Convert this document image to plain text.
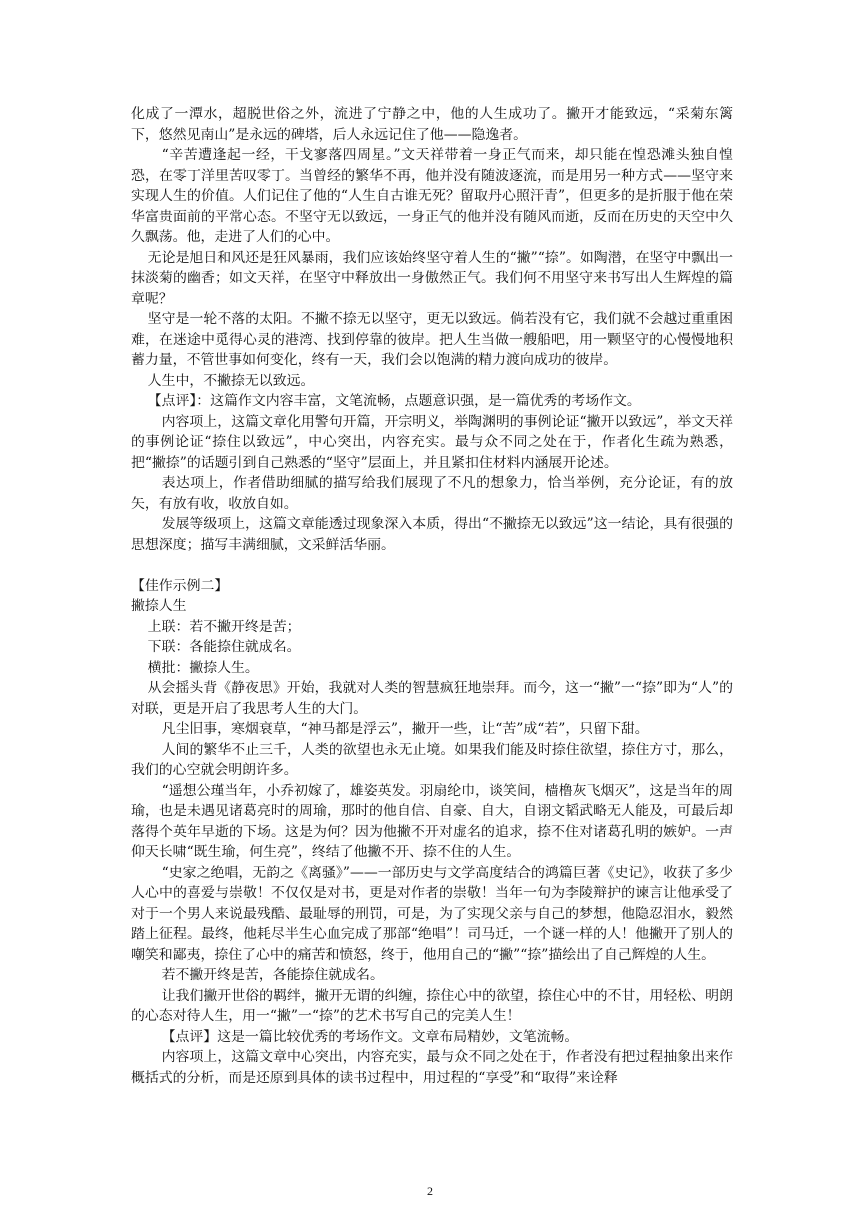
化成了一潭水，超脱世俗之外，流进了宁静之中，他的人生成功了。撇开才能致远，“采菊东篱下，悠然见南山”是永远的碑塔，后人永远记住了他——隐逸者。

“辛苦遭逢起一经，干戈寥落四周星。”文天祥带着一身正气而来，却只能在惶恐滩头独自惶恐，在零丁洋里苦叹零丁。当曾经的繁华不再，他并没有随波逐流，而是用另一种方式——坚守来实现人生的价值。人们记住了他的“人生自古谁无死？留取丹心照汗青”，但更多的是折服于他在荣华富贵面前的平常心态。不坚守无以致远，一身正气的他并没有随风而逝，反而在历史的天空中久久飘荡。他，走进了人们的心中。

无论是旭日和风还是狂风暴雨，我们应该始终坚守着人生的“撇”“捺”。如陶潜，在坚守中飘出一抹淡菊的幽香；如文天祥，在坚守中释放出一身傲然正气。我们何不用坚守来书写出人生辉煌的篇章呢？

坚守是一轮不落的太阳。不撇不捺无以坚守，更无以致远。倘若没有它，我们就不会越过重重困难，在迷途中觅得心灵的港湾、找到停靠的彼岸。把人生当做一艘船吧，用一颗坚守的心慢慢地积蓄力量，不管世事如何变化，终有一天，我们会以饱满的精力渡向成功的彼岸。

人生中，不撇捺无以致远。

【点评】：这篇作文内容丰富，文笔流畅，点题意识强，是一篇优秀的考场作文。

内容项上，这篇文章化用警句开篇，开宗明义，举陶渊明的事例论证“撇开以致远”，举文天祥的事例论证“捺住以致远”，中心突出，内容充实。最与众不同之处在于，作者化生疏为熟悉，把“撇捺”的话题引到自己熟悉的“坚守”层面上，并且紧扣住材料内涵展开论述。

表达项上，作者借助细腻的描写给我们展现了不凡的想象力，恰当举例，充分论证，有的放矢，有放有收，收放自如。

发展等级项上，这篇文章能透过现象深入本质，得出“不撇捺无以致远”这一结论，具有很强的思想深度；描写丰满细腻，文采鲜活华丽。

【佳作示例二】

撇捺人生

上联：若不撇开终是苦；

下联：各能捺住就成名。

横批：撇捺人生。

从会摇头背《静夜思》开始，我就对人类的智慧疯狂地崇拜。而今，这一“撇”一“捺”即为“人”的对联，更是开启了我思考人生的大门。

凡尘旧事，寒烟衰草，“神马都是浮云”，撇开一些，让“苦”成“若”，只留下甜。

人间的繁华不止三千，人类的欲望也永无止境。如果我们能及时捺住欲望，捺住方寸，那么，我们的心空就会明朗许多。

“遥想公瑾当年，小乔初嫁了，雄姿英发。羽扇纶巾，谈笑间，樯橹灰飞烟灭”，这是当年的周瑜，也是未遇见诸葛亮时的周瑜，那时的他自信、自豪、自大，自诩文韬武略无人能及，可最后却落得个英年早逝的下场。这是为何？因为他撇不开对虚名的追求，捺不住对诸葛孔明的嫉妒。一声仰天长啸“既生瑜，何生亮”，终结了他撇不开、捺不住的人生。

“史家之绝唱，无韵之《离骚》”——一部历史与文学高度结合的鸿篇巨著《史记》，收获了多少人心中的喜爱与崇敬！不仅仅是对书，更是对作者的崇敬！当年一句为李陵辩护的谏言让他承受了对于一个男人来说最残酷、最耻辱的刑罚，可是，为了实现父亲与自己的梦想，他隐忍泪水，毅然踏上征程。最终，他耗尽半生心血完成了那部“绝唱”！司马迁，一个谜一样的人！他撇开了别人的嘲笑和鄙夷，捺住了心中的痛苦和愤怒，终于，他用自己的“撇”“捺”描绘出了自己辉煌的人生。

若不撇开终是苦，各能捺住就成名。

让我们撇开世俗的羁绊，撇开无谓的纠缠，捺住心中的欲望，捺住心中的不甘，用轻松、明朗的心态对待人生，用一“撇”一“捺”的艺术书写自己的完美人生！

【点评】这是一篇比较优秀的考场作文。文章布局精妙，文笔流畅。

内容项上，这篇文章中心突出，内容充实，最与众不同之处在于，作者没有把过程抽象出来作概括式的分析，而是还原到具体的读书过程中，用过程的“享受”和“取得”来诠释

2
